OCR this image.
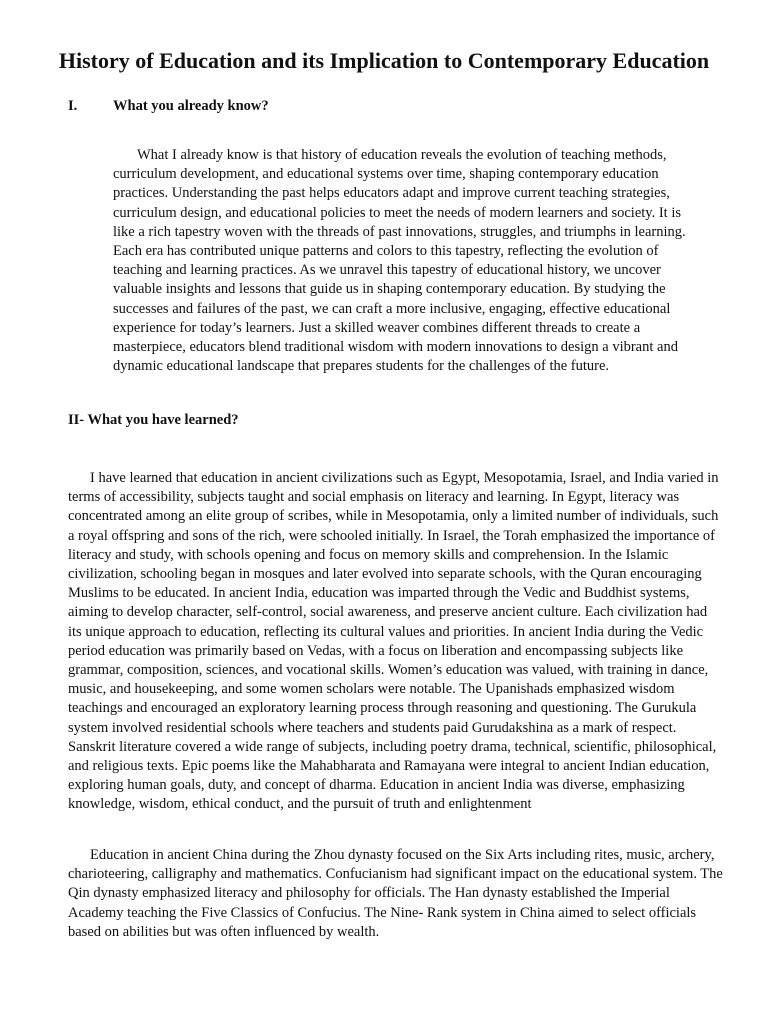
History of Education and its Implication to Contemporary Education
I. What you already know?

What I already know is that history of education reveals the evolution of teaching methods, curriculum development, and educational systems over time, shaping contemporary education practices. Understanding the past helps educators adapt and improve current teaching strategies, curriculum design, and educational policies to meet the needs of modern learners and society. It is like a rich tapestry woven with the threads of past innovations, struggles, and triumphs in learning. Each era has contributed unique patterns and colors to this tapestry, reflecting the evolution of teaching and learning practices. As we unravel this tapestry of educational history, we uncover valuable insights and lessons that guide us in shaping contemporary education. By studying the successes and failures of the past, we can craft a more inclusive, engaging, effective educational experience for today’s learners. Just a skilled weaver combines different threads to create a masterpiece, educators blend traditional wisdom with modern innovations to design a vibrant and dynamic educational landscape that prepares students for the challenges of the future.

II- What you have learned?

I have learned that education in ancient civilizations such as Egypt, Mesopotamia, Israel, and India varied in terms of accessibility, subjects taught and social emphasis on literacy and learning. In Egypt, literacy was concentrated among an elite group of scribes, while in Mesopotamia, only a limited number of individuals, such a royal offspring and sons of the rich, were schooled initially. In Israel, the Torah emphasized the importance of literacy and study, with schools opening and focus on memory skills and comprehension. In the Islamic civilization, schooling began in mosques and later evolved into separate schools, with the Quran encouraging Muslims to be educated. In ancient India, education was imparted through the Vedic and Buddhist systems, aiming to develop character, self-control, social awareness, and preserve ancient culture. Each civilization had its unique approach to education, reflecting its cultural values and priorities. In ancient India during the Vedic period education was primarily based on Vedas, with a focus on liberation and encompassing subjects like grammar, composition, sciences, and vocational skills. Women’s education was valued, with training in dance, music, and housekeeping, and some women scholars were notable. The Upanishads emphasized wisdom teachings and encouraged an exploratory learning process through reasoning and questioning. The Gurukula system involved residential schools where teachers and students paid Gurudakshina as a mark of respect. Sanskrit literature covered a wide range of subjects, including poetry drama, technical, scientific, philosophical, and religious texts. Epic poems like the Mahabharata and Ramayana were integral to ancient Indian education, exploring human goals, duty, and concept of dharma. Education in ancient India was diverse, emphasizing knowledge, wisdom, ethical conduct, and the pursuit of truth and enlightenment

Education in ancient China during the Zhou dynasty focused on the Six Arts including rites, music, archery, charioteering, calligraphy and mathematics. Confucianism had significant impact on the educational system. The Qin dynasty emphasized literacy and philosophy for officials. The Han dynasty established the Imperial Academy teaching the Five Classics of Confucius. The Nine- Rank system in China aimed to select officials based on abilities but was often influenced by wealth.
